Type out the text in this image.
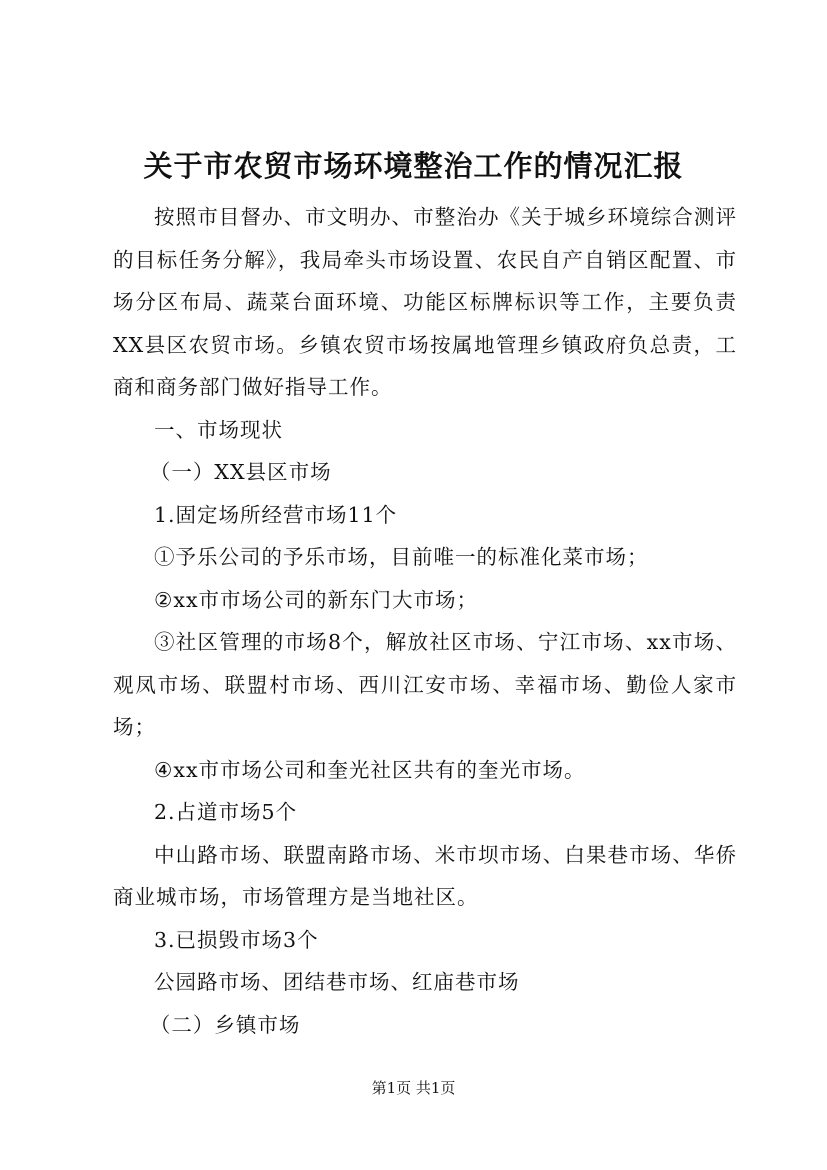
关于市农贸市场环境整治工作的情况汇报

按照市目督办、市文明办、市整治办《关于城乡环境综合测评的目标任务分解》，我局牵头市场设置、农民自产自销区配置、市场分区布局、蔬菜台面环境、功能区标牌标识等工作，主要负责XX县区农贸市场。乡镇农贸市场按属地管理乡镇政府负总责，工商和商务部门做好指导工作。

一、市场现状

（一）XX县区市场

1.固定场所经营市场11个

①予乐公司的予乐市场，目前唯一的标准化菜市场；

②xx市市场公司的新东门大市场；

③社区管理的市场8个，解放社区市场、宁江市场、xx市场、观凤市场、联盟村市场、西川江安市场、幸福市场、勤俭人家市场；

④xx市市场公司和奎光社区共有的奎光市场。

2.占道市场5个

中山路市场、联盟南路市场、米市坝市场、白果巷市场、华侨商业城市场，市场管理方是当地社区。

3.已损毁市场3个

公园路市场、团结巷市场、红庙巷市场

（二）乡镇市场

第1页 共1页
